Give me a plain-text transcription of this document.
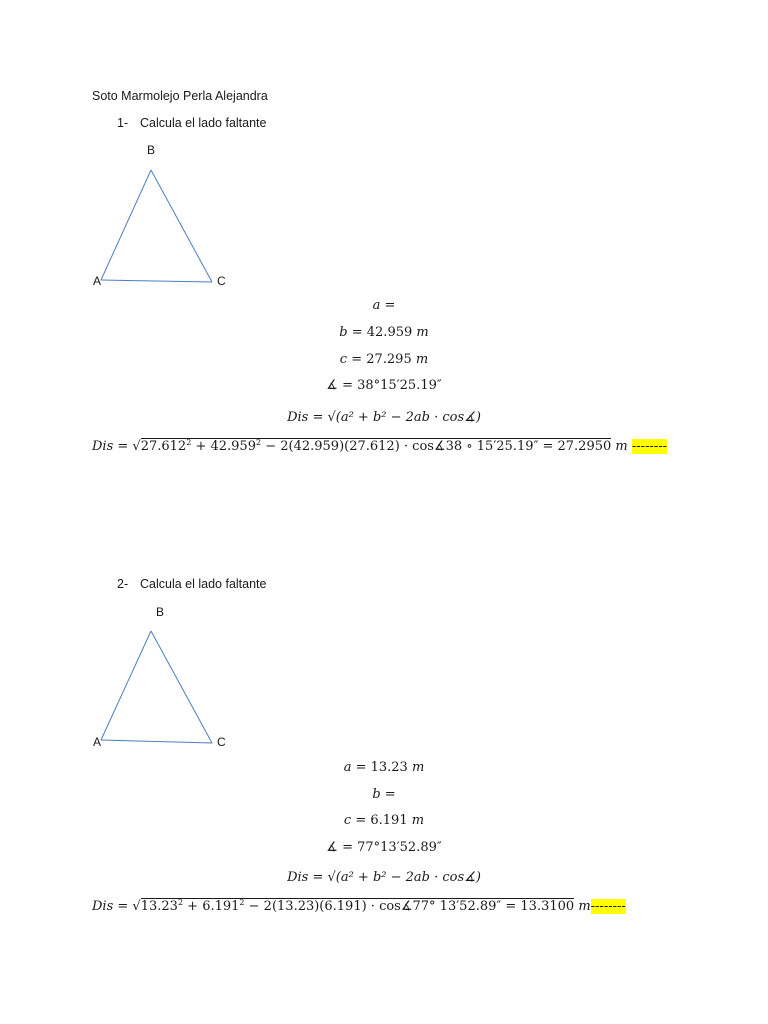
Soto Marmolejo Perla Alejandra
1- Calcula el lado faltante
B
A	C
a =
b = 42.959 m
c = 27.295 m
∡ = 38°15′25.19″
Dis = √(a² + b² − 2ab · cos∡)
Dis = $√27.612^2 + 42.959^2 - 2(42.959)(27.612)$ · cos∡38 ∘ 15′25.19″ = 27.2950 m --------
2- Calcula el lado faltante
B
A	C
a = 13.23 m
b =
c = 6.191 m
∡ = 77°13′52.89″
Dis = √(a² + b² − 2ab · cos∡)
Dis = $√13.23^2 + 6.191^2 - 2(13.23)(6.191)$ · cos∡77° 13′52.89″ = 13.3100 m--------
